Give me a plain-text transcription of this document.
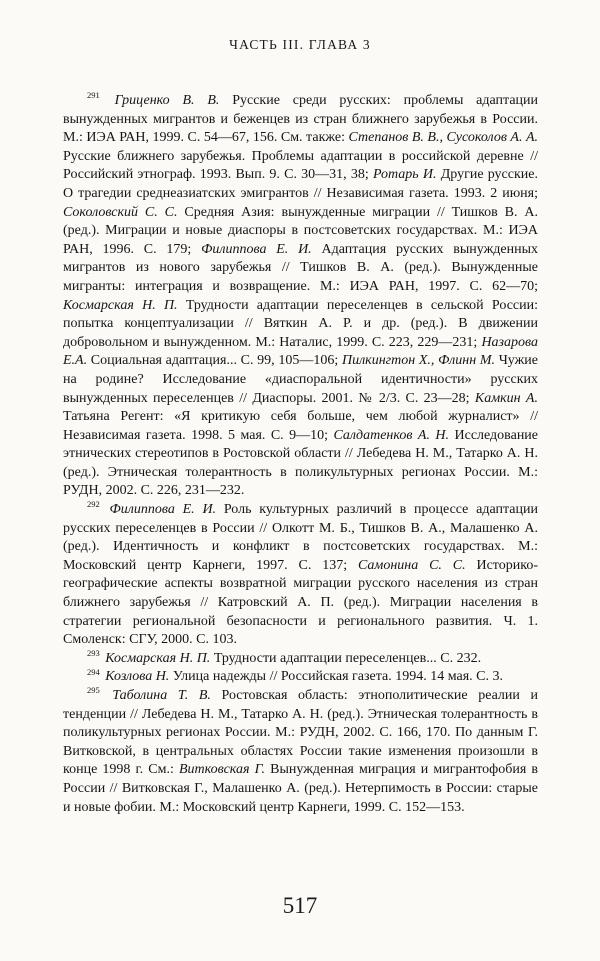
ЧАСТЬ III. ГЛАВА 3

$^{291}$ Гриценко В. В. Русские среди русских: проблемы адаптации вынужденных мигрантов и беженцев из стран ближнего зарубежья в России. М.: ИЭА РАН, 1999. С. 54—67, 156. См. также: Степанов В. В., Сусоколов А. А. Русские ближнего зарубежья. Проблемы адаптации в российской деревне // Российский этнограф. 1993. Вып. 9. С. 30—31, 38; Ротарь И. Другие русские. О трагедии среднеазиатских эмигрантов // Независимая газета. 1993. 2 июня; Соколовский С. С. Средняя Азия: вынужденные миграции // Тишков В. А. (ред.). Миграции и новые диаспоры в постсоветских государствах. М.: ИЭА РАН, 1996. С. 179; Филиппова Е. И. Адаптация русских вынужденных мигрантов из нового зарубежья // Тишков В. А. (ред.). Вынужденные мигранты: интеграция и возвращение. М.: ИЭА РАН, 1997. С. 62—70; Космарская Н. П. Трудности адаптации переселенцев в сельской России: попытка концептуализации // Вяткин А. Р. и др. (ред.). В движении добровольном и вынужденном. М.: Наталис, 1999. С. 223, 229—231; Назарова Е.А. Социальная адаптация... С. 99, 105—106; Пилкингтон Х., Флинн М. Чужие на родине? Исследование «диаспоральной идентичности» русских вынужденных переселенцев // Диаспоры. 2001. № 2/3. С. 23—28; Камкин А. Татьяна Регент: «Я критикую себя больше, чем любой журналист» // Независимая газета. 1998. 5 мая. С. 9—10; Салдатенков А. Н. Исследование этнических стереотипов в Ростовской области // Лебедева Н. М., Татарко А. Н. (ред.). Этническая толерантность в поликультурных регионах России. М.: РУДН, 2002. С. 226, 231—232.

$^{292}$ Филиппова Е. И. Роль культурных различий в процессе адаптации русских переселенцев в России // Олкотт М. Б., Тишков В. А., Малашенко А. (ред.). Идентичность и конфликт в постсоветских государствах. М.: Московский центр Карнеги, 1997. С. 137; Самонина С. С. Историко-географические аспекты возвратной миграции русского населения из стран ближнего зарубежья // Катровский А. П. (ред.). Миграции населения в стратегии региональной безопасности и регионального развития. Ч. 1. Смоленск: СГУ, 2000. С. 103.

$^{293}$ Космарская Н. П. Трудности адаптации переселенцев... С. 232.

$^{294}$ Козлова Н. Улица надежды // Российская газета. 1994. 14 мая. С. 3.

$^{295}$ Таболина Т. В. Ростовская область: этнополитические реалии и тенденции // Лебедева Н. М., Татарко А. Н. (ред.). Этническая толерантность в поликультурных регионах России. М.: РУДН, 2002. С. 166, 170. По данным Г. Витковской, в центральных областях России такие изменения произошли в конце 1998 г. См.: Витковская Г. Вынужденная миграция и мигрантофобия в России // Витковская Г., Малашенко А. (ред.). Нетерпимость в России: старые и новые фобии. М.: Московский центр Карнеги, 1999. С. 152—153.

517
